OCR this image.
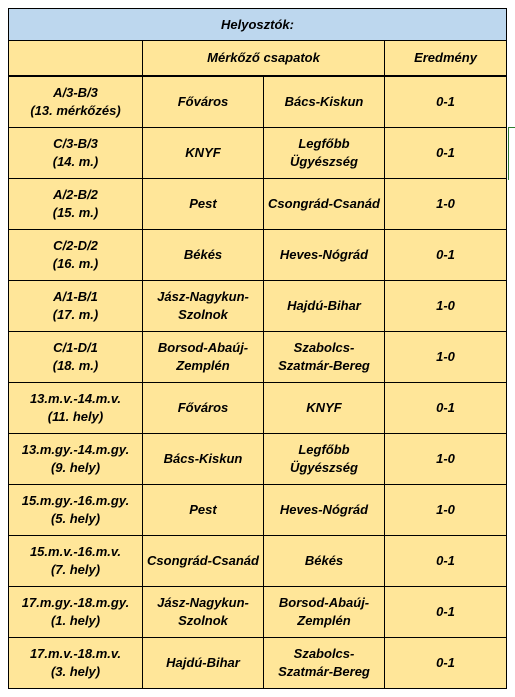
Helyosztók:			
	Mérkőző csapatok		Eredmény

A/3-B/3
(13. mérkőzés)	Főváros	Bács-Kiskun	0-1

C/3-B/3
(14. m.)	KNYF	Legfőbb Ügyészség	0-1

A/2-B/2
(15. m.)	Pest	Csongrád-Csanád	1-0

C/2-D/2
(16. m.)	Békés	Heves-Nógrád	0-1

A/1-B/1
(17. m.)	Jász-Nagykun-Szolnok	Hajdú-Bihar	1-0

C/1-D/1
(18. m.)	Borsod-Abaúj-Zemplén	Szabolcs-Szatmár-Bereg	1-0

13.m.v.-14.m.v.
(11. hely)	Főváros	KNYF	0-1

13.m.gy.-14.m.gy.
(9. hely)	Bács-Kiskun	Legfőbb Ügyészség	1-0

15.m.gy.-16.m.gy.
(5. hely)	Pest	Heves-Nógrád	1-0

15.m.v.-16.m.v.
(7. hely)	Csongrád-Csanád	Békés	0-1

17.m.gy.-18.m.gy.
(1. hely)	Jász-Nagykun-Szolnok	Borsod-Abaúj-Zemplén	0-1

17.m.v.-18.m.v.
(3. hely)	Hajdú-Bihar	Szabolcs-Szatmár-Bereg	0-1
